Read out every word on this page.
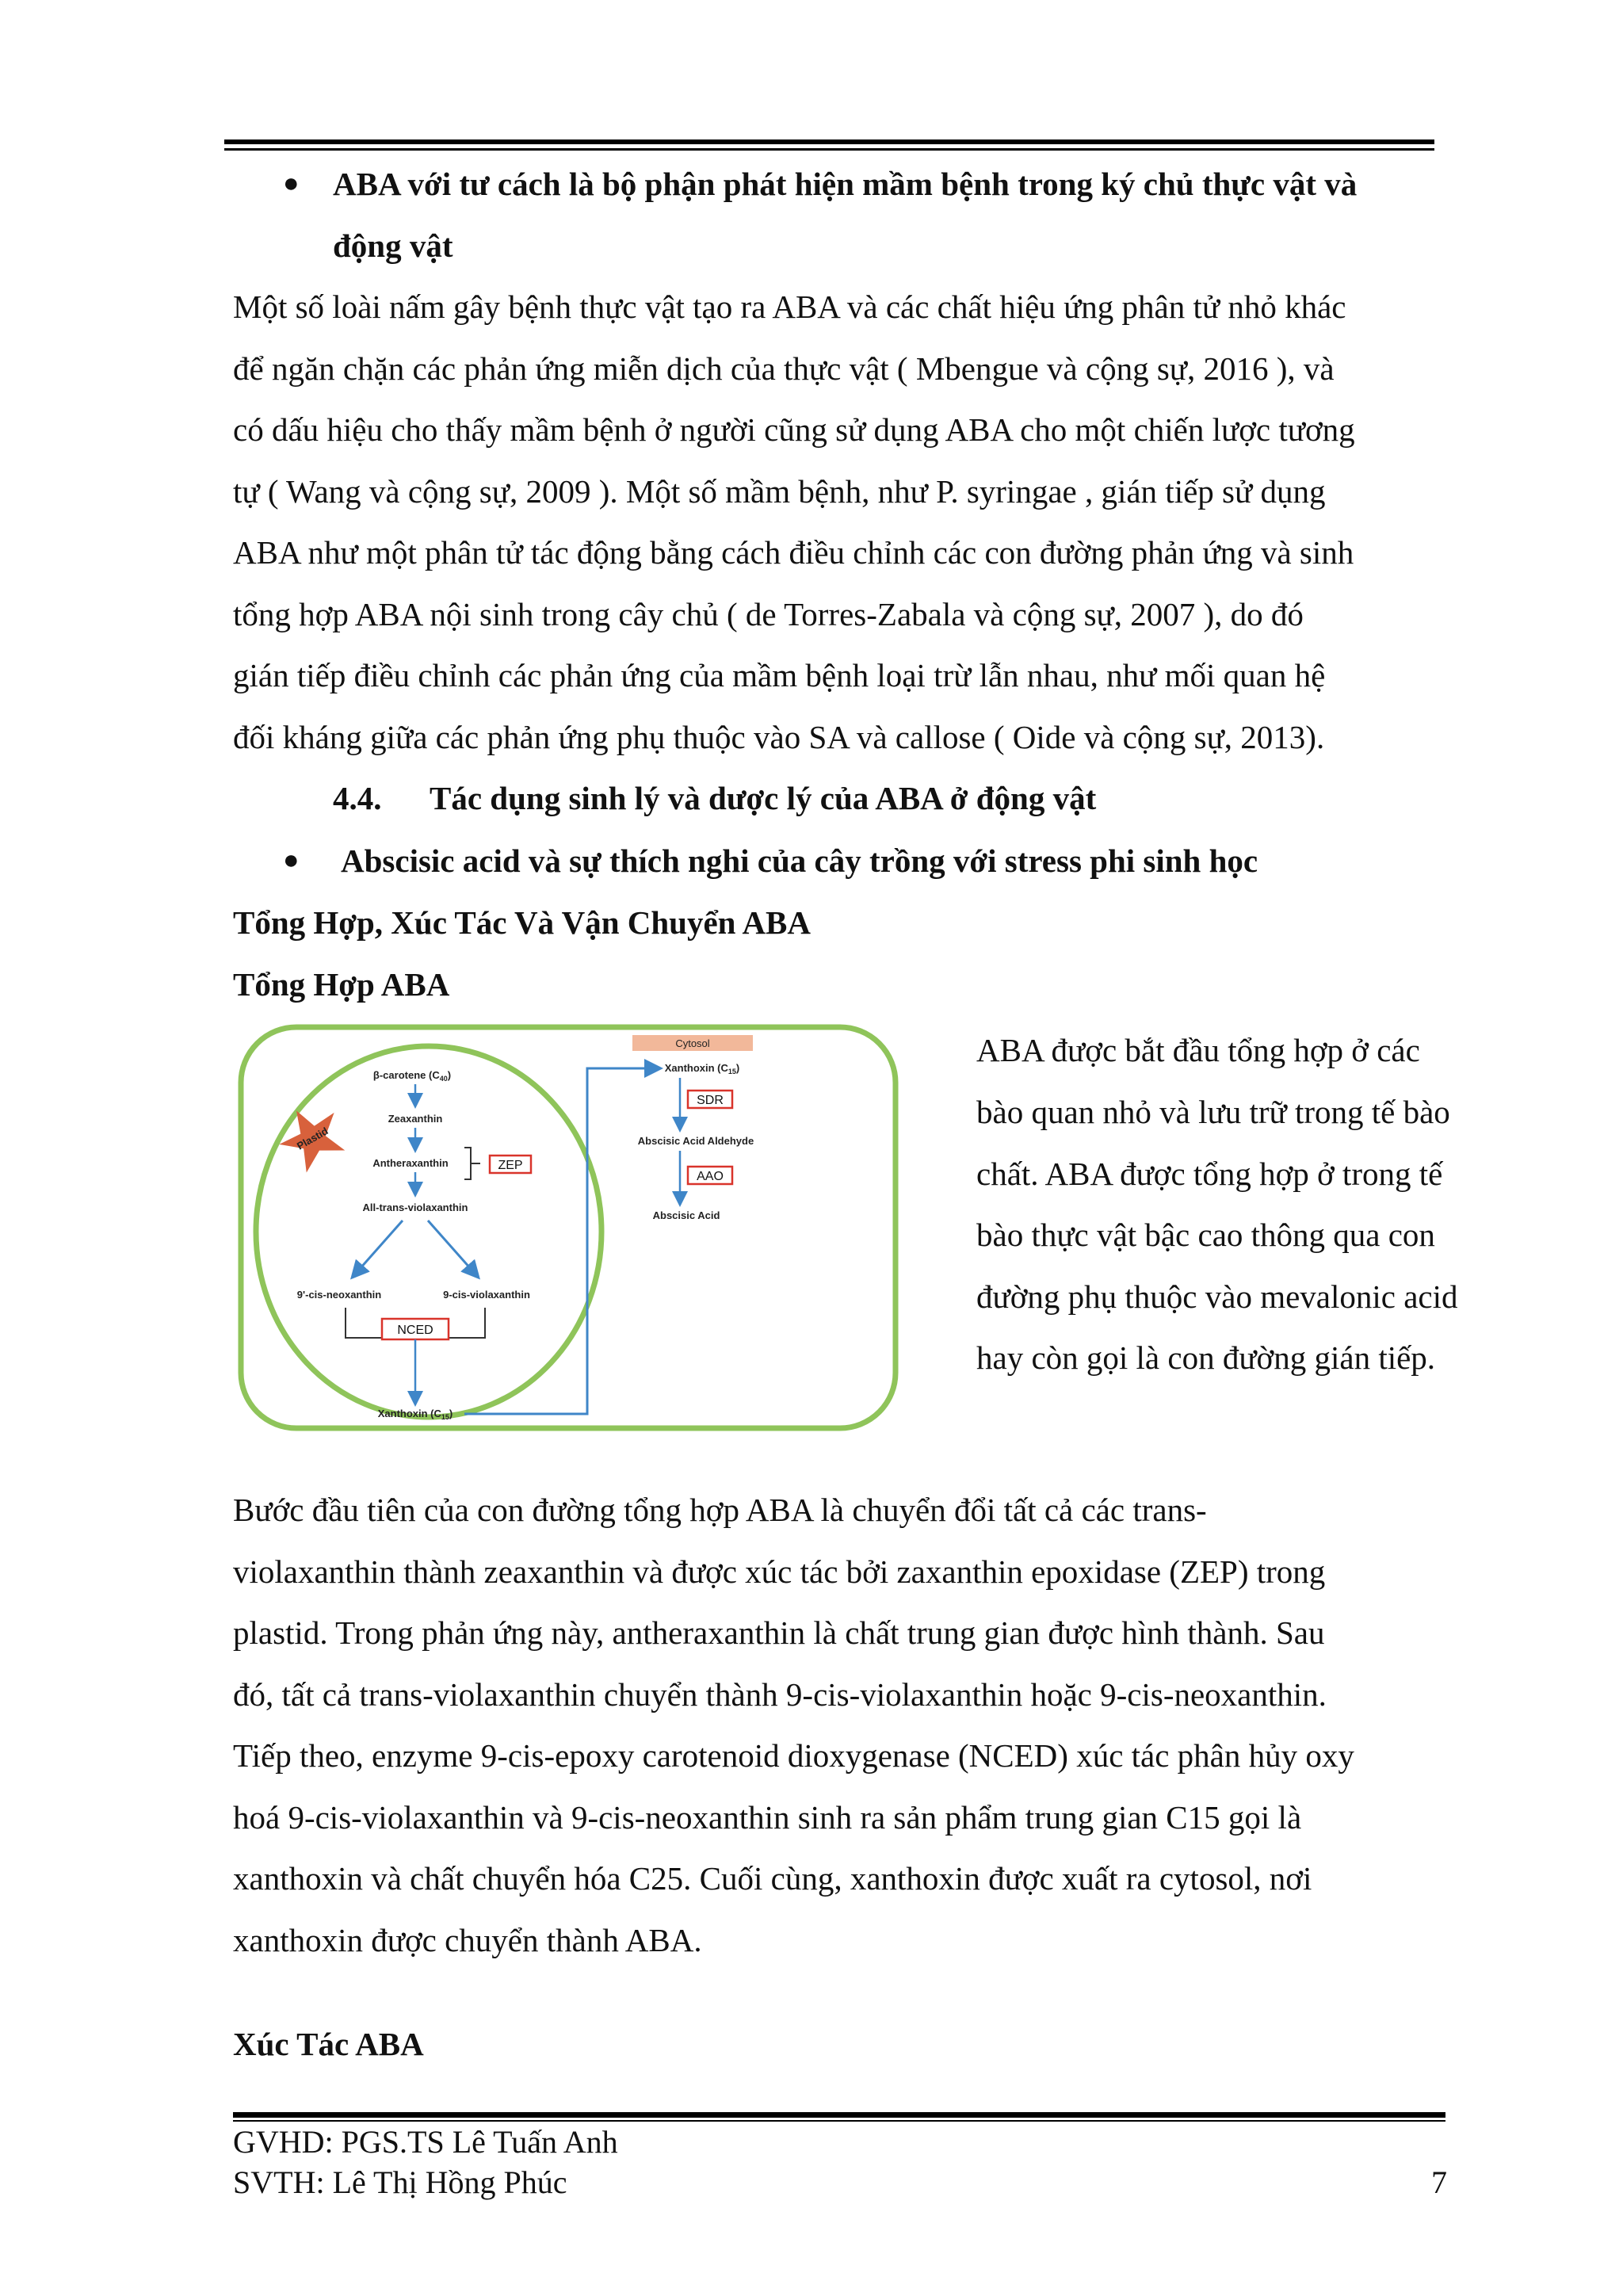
● ABA với tư cách là bộ phận phát hiện mầm bệnh trong ký chủ thực vật và
động vật
Một số loài nấm gây bệnh thực vật tạo ra ABA và các chất hiệu ứng phân tử nhỏ khác
để ngăn chặn các phản ứng miễn dịch của thực vật ( Mbengue và cộng sự, 2016 ), và
có dấu hiệu cho thấy mầm bệnh ở người cũng sử dụng ABA cho một chiến lược tương
tự ( Wang và cộng sự, 2009 ). Một số mầm bệnh, như P. syringae , gián tiếp sử dụng
ABA như một phân tử tác động bằng cách điều chỉnh các con đường phản ứng và sinh
tổng hợp ABA nội sinh trong cây chủ ( de Torres-Zabala và cộng sự, 2007 ), do đó
gián tiếp điều chỉnh các phản ứng của mầm bệnh loại trừ lẫn nhau, như mối quan hệ
đối kháng giữa các phản ứng phụ thuộc vào SA và callose ( Oide và cộng sự, 2013).
4.4. Tác dụng sinh lý và dược lý của ABA ở động vật
● Abscisic acid và sự thích nghi của cây trồng với stress phi sinh học
Tổng Hợp, Xúc Tác Và Vận Chuyển ABA
Tổng Hợp ABA
Plastid
Cytosol
β-carotene $(C_{40})$
Zeaxanthin
Antheraxanthin
All-trans-violaxanthin
ZEP
9'-cis-neoxanthin	9-cis-violaxanthin
NCED
Xanthoxin $(C_{15})$
Xanthoxin $(C_{15})$
SDR
Abscisic Acid Aldehyde
AAO
Abscisic Acid
ABA được bắt đầu tổng hợp ở các
bào quan nhỏ và lưu trữ trong tế bào
chất. ABA được tổng hợp ở trong tế
bào thực vật bậc cao thông qua con
đường phụ thuộc vào mevalonic acid
hay còn gọi là con đường gián tiếp.
Bước đầu tiên của con đường tổng hợp ABA là chuyển đổi tất cả các trans-
violaxanthin thành zeaxanthin và được xúc tác bởi zaxanthin epoxidase (ZEP) trong
plastid. Trong phản ứng này, antheraxanthin là chất trung gian được hình thành. Sau
đó, tất cả trans-violaxanthin chuyển thành 9-cis-violaxanthin hoặc 9-cis-neoxanthin.
Tiếp theo, enzyme 9-cis-epoxy carotenoid dioxygenase (NCED) xúc tác phân hủy oxy
hoá 9-cis-violaxanthin và 9-cis-neoxanthin sinh ra sản phẩm trung gian C15 gọi là
xanthoxin và chất chuyển hóa C25. Cuối cùng, xanthoxin được xuất ra cytosol, nơi
xanthoxin được chuyển thành ABA.
Xúc Tác ABA
GVHD: PGS.TS Lê Tuấn Anh
SVTH: Lê Thị Hồng Phúc	7
